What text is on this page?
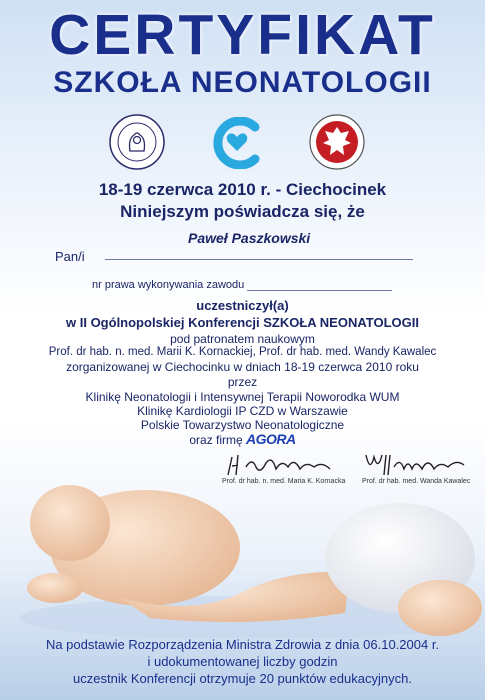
CERTYFIKAT
SZKOŁA NEONATOLOGII
18-19 czerwca 2010 r. - Ciechocinek
Niniejszym poświadcza się, że
Pan/i
Paweł Paszkowski
nr prawa wykonywania zawodu
uczestniczył(a)
w II Ogólnopolskiej Konferencji SZKOŁA NEONATOLOGII
pod patronatem naukowym
Prof. dr hab. n. med. Marii K. Kornackiej, Prof. dr hab. med. Wandy Kawalec
zorganizowanej w Ciechocinku w dniach 18-19 czerwca 2010 roku
przez
Klinikę Neonatologii i Intensywnej Terapii Noworodka WUM
Klinikę Kardiologii IP CZD w Warszawie
Polskie Towarzystwo Neonatologiczne
oraz firmę AGORA
Prof. dr hab. n. med. Maria K. Kornacka Prof. dr hab. med. Wanda Kawalec
Na podstawie Rozporządzenia Ministra Zdrowia z dnia 06.10.2004 r.
i udokumentowanej liczby godzin
uczestnik Konferencji otrzymuje 20 punktów edukacyjnych.
